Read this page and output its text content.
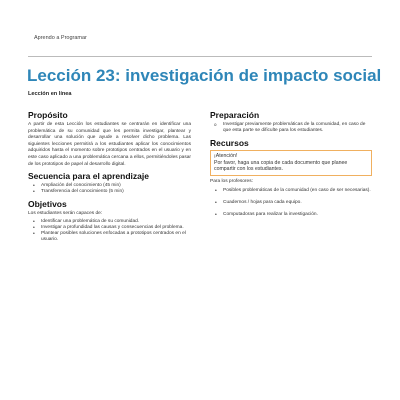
Aprendo a Programar
Lección 23: investigación de impacto social
Lección en línea
Propósito

A partir de esta Lección los estudiantes se centrarán en identificar una problemática de su comunidad que les permita investigar, plantear y desarrollar una solución que ayude a resolver dicho problema. Las siguientes lecciones permitirá a los estudiantes aplicar los conocimientos adquiridos hasta el momento sobre prototipos centrados en el usuario y en este caso aplicado a una problemática cercana a ellos, permitiéndoles pasar de los prototipos de papel al desarrollo digital.

Secuencia para el aprendizaje
• Ampliación del conocimiento (45 min)
• Transferencia del conocimiento (5 min)
Objetivos

Los estudiantes serán capaces de:

• Identificar una problemática de su comunidad.
• Investigar a profundidad las causas y consecuencias del problema.
• Plantear posibles soluciones enfocadas a prototipos centrados en el usuario.
Preparación
o Investigar previamente problemáticas de la comunidad, en caso de que esta parte se dificulte para los estudiantes.
Recursos
¡Atención!
Por favor, haga una copia de cada documento que planee compartir con los estudiantes.

Para los profesores:

• Posibles problemáticas de la comunidad (en caso de ser necesarias).
• Cuadernos / hojas para cada equipo.
• Computadoras para realizar la investigación.
